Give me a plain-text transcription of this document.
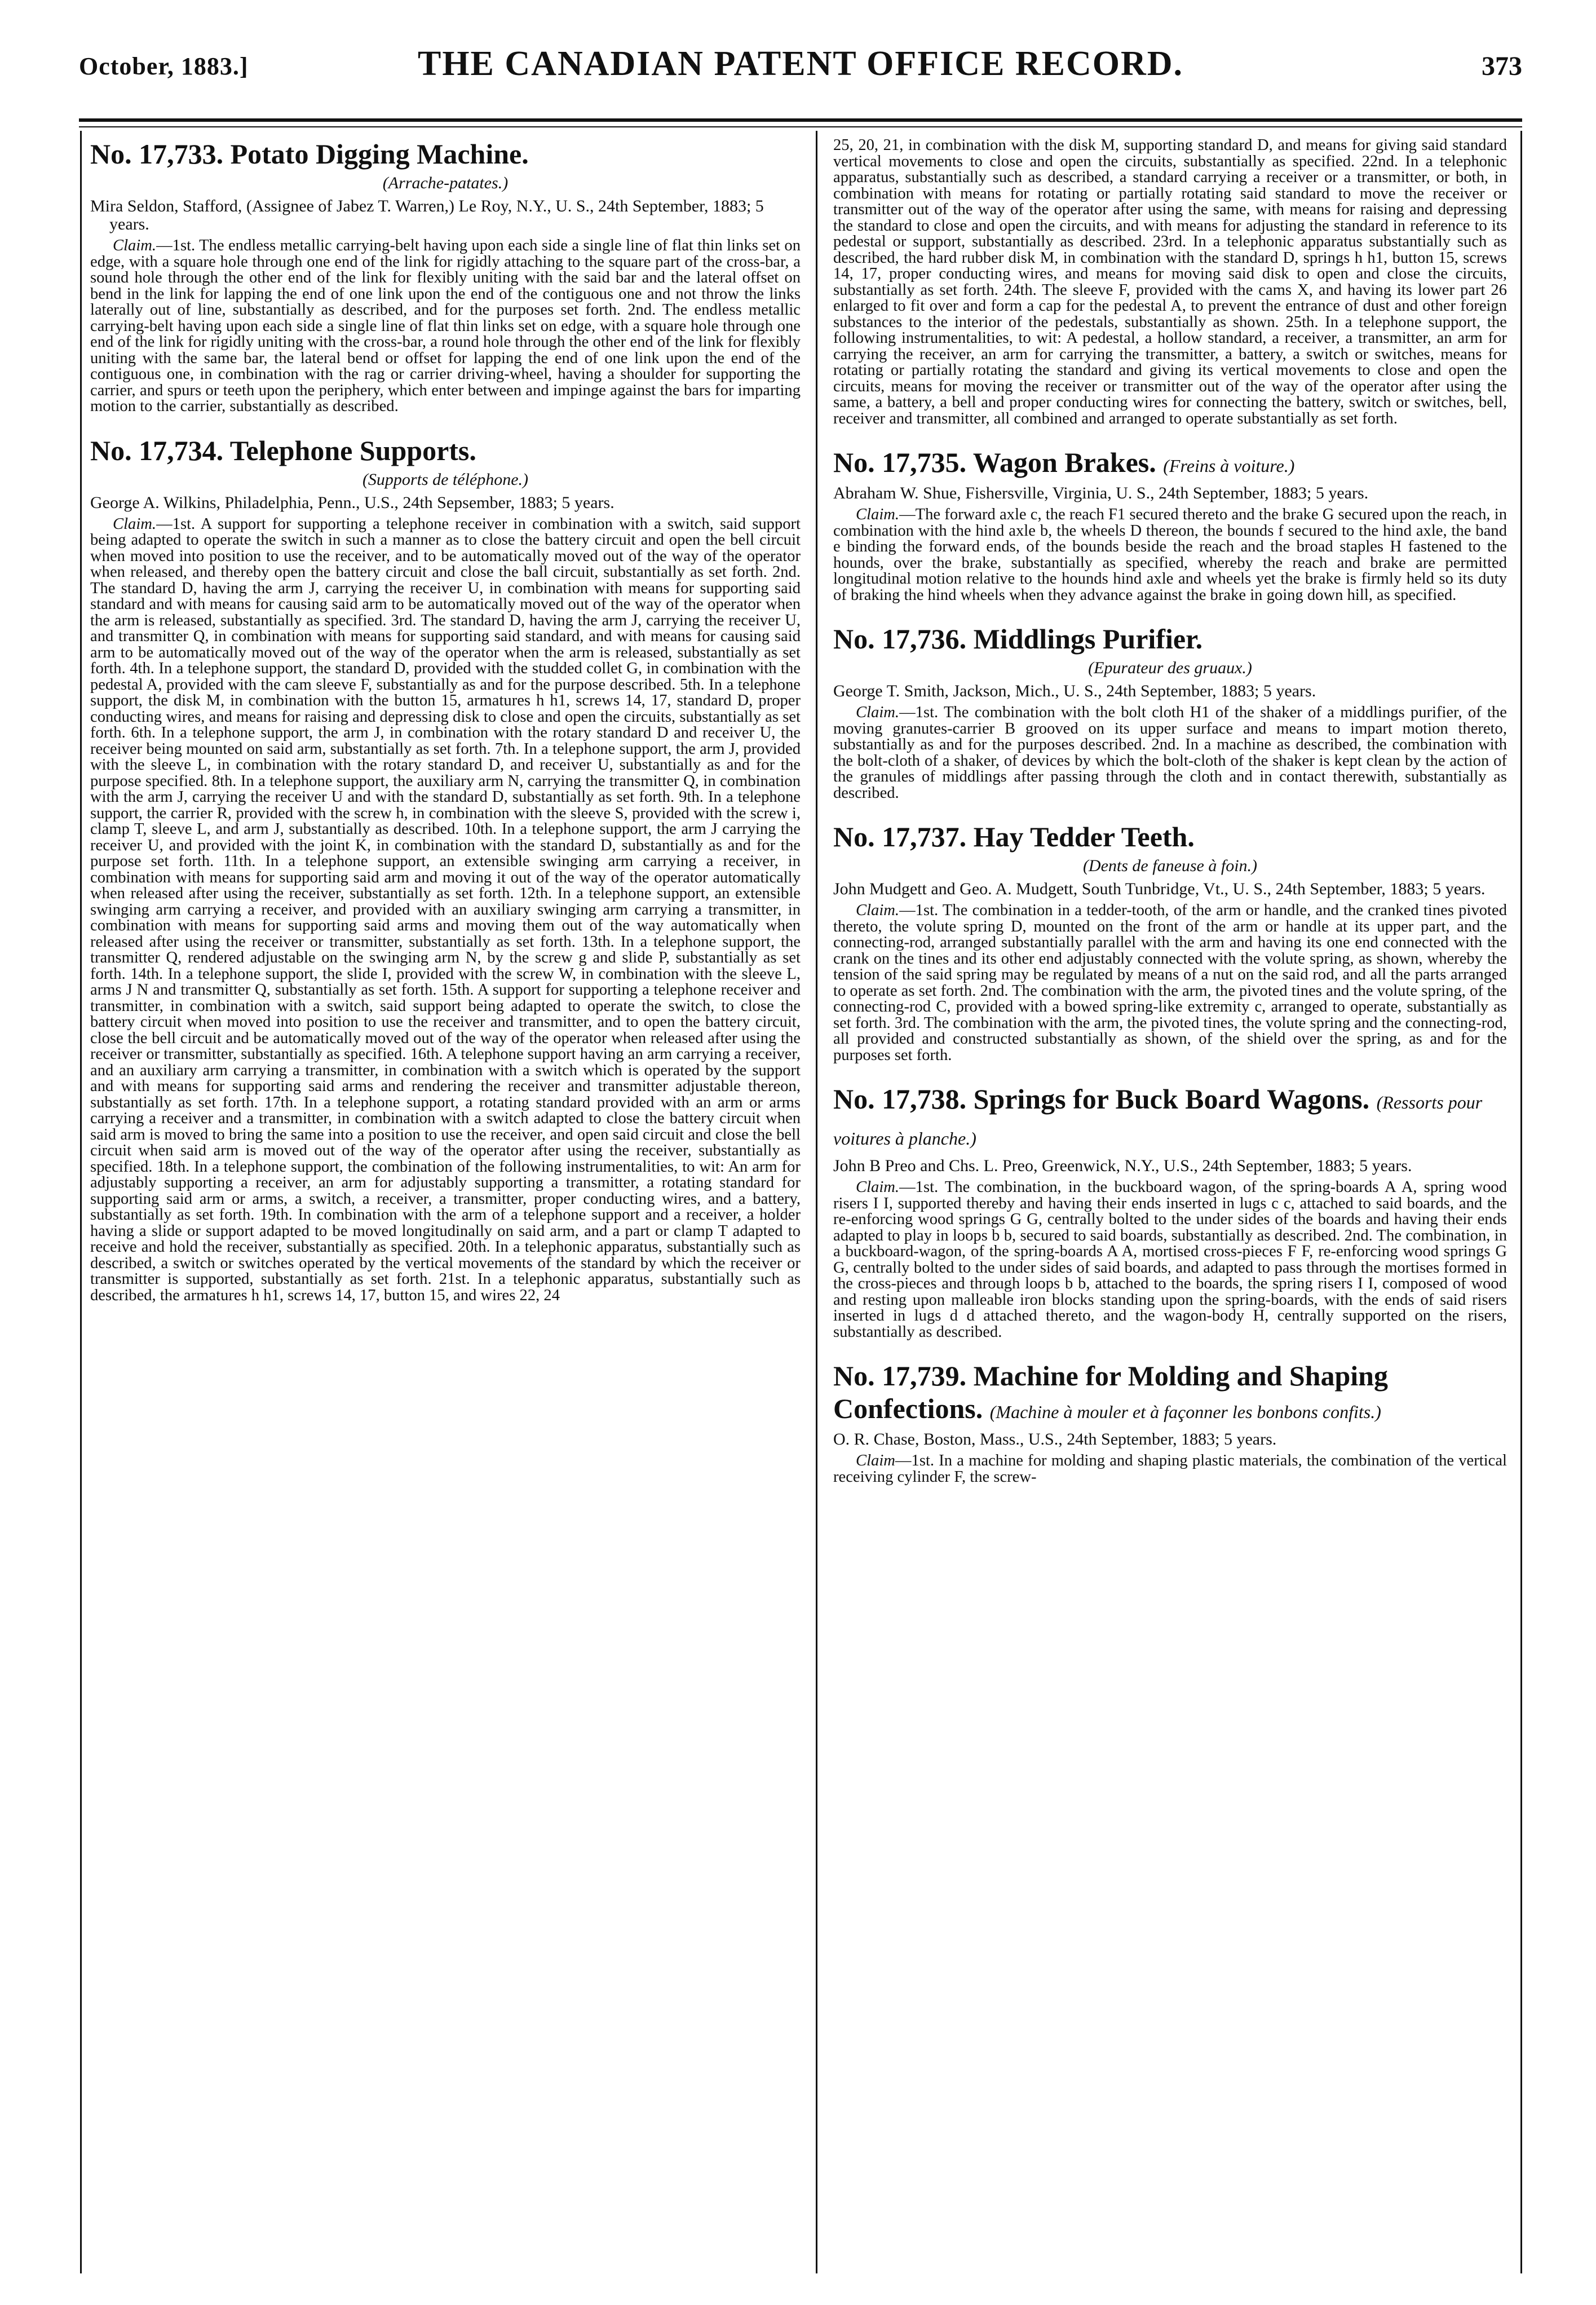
October, 1883.]	THE CANADIAN PATENT OFFICE RECORD.	373
No. 17,733. Potato Digging Machine.
(Arrache-patates.)

Mira Seldon, Stafford, (Assignee of Jabez T. Warren,) Le Roy, N.Y., U. S., 24th September, 1883; 5 years.

Claim.—1st. The endless metallic carrying-belt having upon each side a single line of flat thin links set on edge, with a square hole through one end of the link for rigidly attaching to the square part of the cross-bar, a sound hole through the other end of the link for flexibly uniting with the said bar and the lateral offset on bend in the link for lapping the end of one link upon the end of the contiguous one and not throw the links laterally out of line, substantially as described, and for the purposes set forth. 2nd. The endless metallic carrying-belt having upon each side a single line of flat thin links set on edge, with a square hole through one end of the link for rigidly uniting with the cross-bar, a round hole through the other end of the link for flexibly uniting with the same bar, the lateral bend or offset for lapping the end of one link upon the end of the contiguous one, in combination with the rag or carrier driving-wheel, having a shoulder for supporting the carrier, and spurs or teeth upon the periphery, which enter between and impinge against the bars for imparting motion to the carrier, substantially as described.

No. 17,734. Telephone Supports.
(Supports de téléphone.)

George A. Wilkins, Philadelphia, Penn., U.S., 24th Sepsember, 1883; 5 years.

Claim.—1st. A support for supporting a telephone receiver in combination with a switch, said support being adapted to operate the switch in such a manner as to close the battery circuit and open the bell circuit when moved into position to use the receiver, and to be automatically moved out of the way of the operator when released, and thereby open the battery circuit and close the ball circuit, substantially as set forth. 2nd. The standard D, having the arm J, carrying the receiver U, in combination with means for supporting said standard and with means for causing said arm to be automatically moved out of the way of the operator when the arm is released, substantially as specified. 3rd. The standard D, having the arm J, carrying the receiver U, and transmitter Q, in combination with means for supporting said standard, and with means for causing said arm to be automatically moved out of the way of the operator when the arm is released, substantially as set forth. 4th. In a telephone support, the standard D, provided with the studded collet G, in combination with the pedestal A, provided with the cam sleeve F, substantially as and for the purpose described. 5th. In a telephone support, the disk M, in combination with the button 15, armatures h h1, screws 14, 17, standard D, proper conducting wires, and means for raising and depressing disk to close and open the circuits, substantially as set forth. 6th. In a telephone support, the arm J, in combination with the rotary standard D and receiver U, the receiver being mounted on said arm, substantially as set forth. 7th. In a telephone support, the arm J, provided with the sleeve L, in combination with the rotary standard D, and receiver U, substantially as and for the purpose specified. 8th. In a telephone support, the auxiliary arm N, carrying the transmitter Q, in combination with the arm J, carrying the receiver U and with the standard D, substantially as set forth. 9th. In a telephone support, the carrier R, provided with the screw h, in combination with the sleeve S, provided with the screw i, clamp T, sleeve L, and arm J, substantially as described. 10th. In a telephone support, the arm J carrying the receiver U, and provided with the joint K, in combination with the standard D, substantially as and for the purpose set forth. 11th. In a telephone support, an extensible swinging arm carrying a receiver, in combination with means for supporting said arm and moving it out of the way of the operator automatically when released after using the receiver, substantially as set forth. 12th. In a telephone support, an extensible swinging arm carrying a receiver, and provided with an auxiliary swinging arm carrying a transmitter, in combination with means for supporting said arms and moving them out of the way automatically when released after using the receiver or transmitter, substantially as set forth. 13th. In a telephone support, the transmitter Q, rendered adjustable on the swinging arm N, by the screw g and slide P, substantially as set forth. 14th. In a telephone support, the slide I, provided with the screw W, in combination with the sleeve L, arms J N and transmitter Q, substantially as set forth. 15th. A support for supporting a telephone receiver and transmitter, in combination with a switch, said support being adapted to operate the switch, to close the battery circuit when moved into position to use the receiver and transmitter, and to open the battery circuit, close the bell circuit and be automatically moved out of the way of the operator when released after using the receiver or transmitter, substantially as specified. 16th. A telephone support having an arm carrying a receiver, and an auxiliary arm carrying a transmitter, in combination with a switch which is operated by the support and with means for supporting said arms and rendering the receiver and transmitter adjustable thereon, substantially as set forth. 17th. In a telephone support, a rotating standard provided with an arm or arms carrying a receiver and a transmitter, in combination with a switch adapted to close the battery circuit when said arm is moved to bring the same into a position to use the receiver, and open said circuit and close the bell circuit when said arm is moved out of the way of the operator after using the receiver, substantially as specified. 18th. In a telephone support, the combination of the following instrumentalities, to wit: An arm for adjustably supporting a receiver, an arm for adjustably supporting a transmitter, a rotating standard for supporting said arm or arms, a switch, a receiver, a transmitter, proper conducting wires, and a battery, substantially as set forth. 19th. In combination with the arm of a telephone support and a receiver, a holder having a slide or support adapted to be moved longitudinally on said arm, and a part or clamp T adapted to receive and hold the receiver, substantially as specified. 20th. In a telephonic apparatus, substantially such as described, a switch or switches operated by the vertical movements of the standard by which the receiver or transmitter is supported, substantially as set forth. 21st. In a telephonic apparatus, substantially such as described, the armatures h h1, screws 14, 17, button 15, and wires 22, 24

25, 20, 21, in combination with the disk M, supporting standard D, and means for giving said standard vertical movements to close and open the circuits, substantially as specified. 22nd. In a telephonic apparatus, substantially such as described, a standard carrying a receiver or a transmitter, or both, in combination with means for rotating or partially rotating said standard to move the receiver or transmitter out of the way of the operator after using the same, with means for raising and depressing the standard to close and open the circuits, and with means for adjusting the standard in reference to its pedestal or support, substantially as described. 23rd. In a telephonic apparatus substantially such as described, the hard rubber disk M, in combination with the standard D, springs h h1, button 15, screws 14, 17, proper conducting wires, and means for moving said disk to open and close the circuits, substantially as set forth. 24th. The sleeve F, provided with the cams X, and having its lower part 26 enlarged to fit over and form a cap for the pedestal A, to prevent the entrance of dust and other foreign substances to the interior of the pedestals, substantially as shown. 25th. In a telephone support, the following instrumentalities, to wit: A pedestal, a hollow standard, a receiver, a transmitter, an arm for carrying the receiver, an arm for carrying the transmitter, a battery, a switch or switches, means for rotating or partially rotating the standard and giving its vertical movements to close and open the circuits, means for moving the receiver or transmitter out of the way of the operator after using the same, a battery, a bell and proper conducting wires for connecting the battery, switch or switches, bell, receiver and transmitter, all combined and arranged to operate substantially as set forth.

No. 17,735. Wagon Brakes. (Freins à voiture.)

Abraham W. Shue, Fishersville, Virginia, U. S., 24th September, 1883; 5 years.

Claim.—The forward axle c, the reach F1 secured thereto and the brake G secured upon the reach, in combination with the hind axle b, the wheels D thereon, the bounds f secured to the hind axle, the band e binding the forward ends, of the bounds beside the reach and the broad staples H fastened to the hounds, over the brake, substantially as specified, whereby the reach and brake are permitted longitudinal motion relative to the hounds hind axle and wheels yet the brake is firmly held so its duty of braking the hind wheels when they advance against the brake in going down hill, as specified.

No. 17,736. Middlings Purifier.
(Epurateur des gruaux.)

George T. Smith, Jackson, Mich., U. S., 24th September, 1883; 5 years.

Claim.—1st. The combination with the bolt cloth H1 of the shaker of a middlings purifier, of the moving granutes-carrier B grooved on its upper surface and means to impart motion thereto, substantially as and for the purposes described. 2nd. In a machine as described, the combination with the bolt-cloth of a shaker, of devices by which the bolt-cloth of the shaker is kept clean by the action of the granules of middlings after passing through the cloth and in contact therewith, substantially as described.

No. 17,737. Hay Tedder Teeth.
(Dents de faneuse à foin.)

John Mudgett and Geo. A. Mudgett, South Tunbridge, Vt., U. S., 24th September, 1883; 5 years.

Claim.—1st. The combination in a tedder-tooth, of the arm or handle, and the cranked tines pivoted thereto, the volute spring D, mounted on the front of the arm or handle at its upper part, and the connecting-rod, arranged substantially parallel with the arm and having its one end connected with the crank on the tines and its other end adjustably connected with the volute spring, as shown, whereby the tension of the said spring may be regulated by means of a nut on the said rod, and all the parts arranged to operate as set forth. 2nd. The combination with the arm, the pivoted tines and the volute spring, of the connecting-rod C, provided with a bowed spring-like extremity c, arranged to operate, substantially as set forth. 3rd. The combination with the arm, the pivoted tines, the volute spring and the connecting-rod, all provided and constructed substantially as shown, of the shield over the spring, as and for the purposes set forth.

No. 17,738. Springs for Buck Board Wagons. (Ressorts pour voitures à planche.)

John B Preo and Chs. L. Preo, Greenwick, N.Y., U.S., 24th September, 1883; 5 years.

Claim.—1st. The combination, in the buckboard wagon, of the spring-boards A A, spring wood risers I I, supported thereby and having their ends inserted in lugs c c, attached to said boards, and the re-enforcing wood springs G G, centrally bolted to the under sides of the boards and having their ends adapted to play in loops b b, secured to said boards, substantially as described. 2nd. The combination, in a buckboard-wagon, of the spring-boards A A, mortised cross-pieces F F, re-enforcing wood springs G G, centrally bolted to the under sides of said boards, and adapted to pass through the mortises formed in the cross-pieces and through loops b b, attached to the boards, the spring risers I I, composed of wood and resting upon malleable iron blocks standing upon the spring-boards, with the ends of said risers inserted in lugs d d attached thereto, and the wagon-body H, centrally supported on the risers, substantially as described.

No. 17,739. Machine for Molding and Shaping Confections. (Machine à mouler et à façonner les bonbons confits.)

O. R. Chase, Boston, Mass., U.S., 24th September, 1883; 5 years.

Claim—1st. In a machine for molding and shaping plastic materials, the combination of the vertical receiving cylinder F, the screw-
